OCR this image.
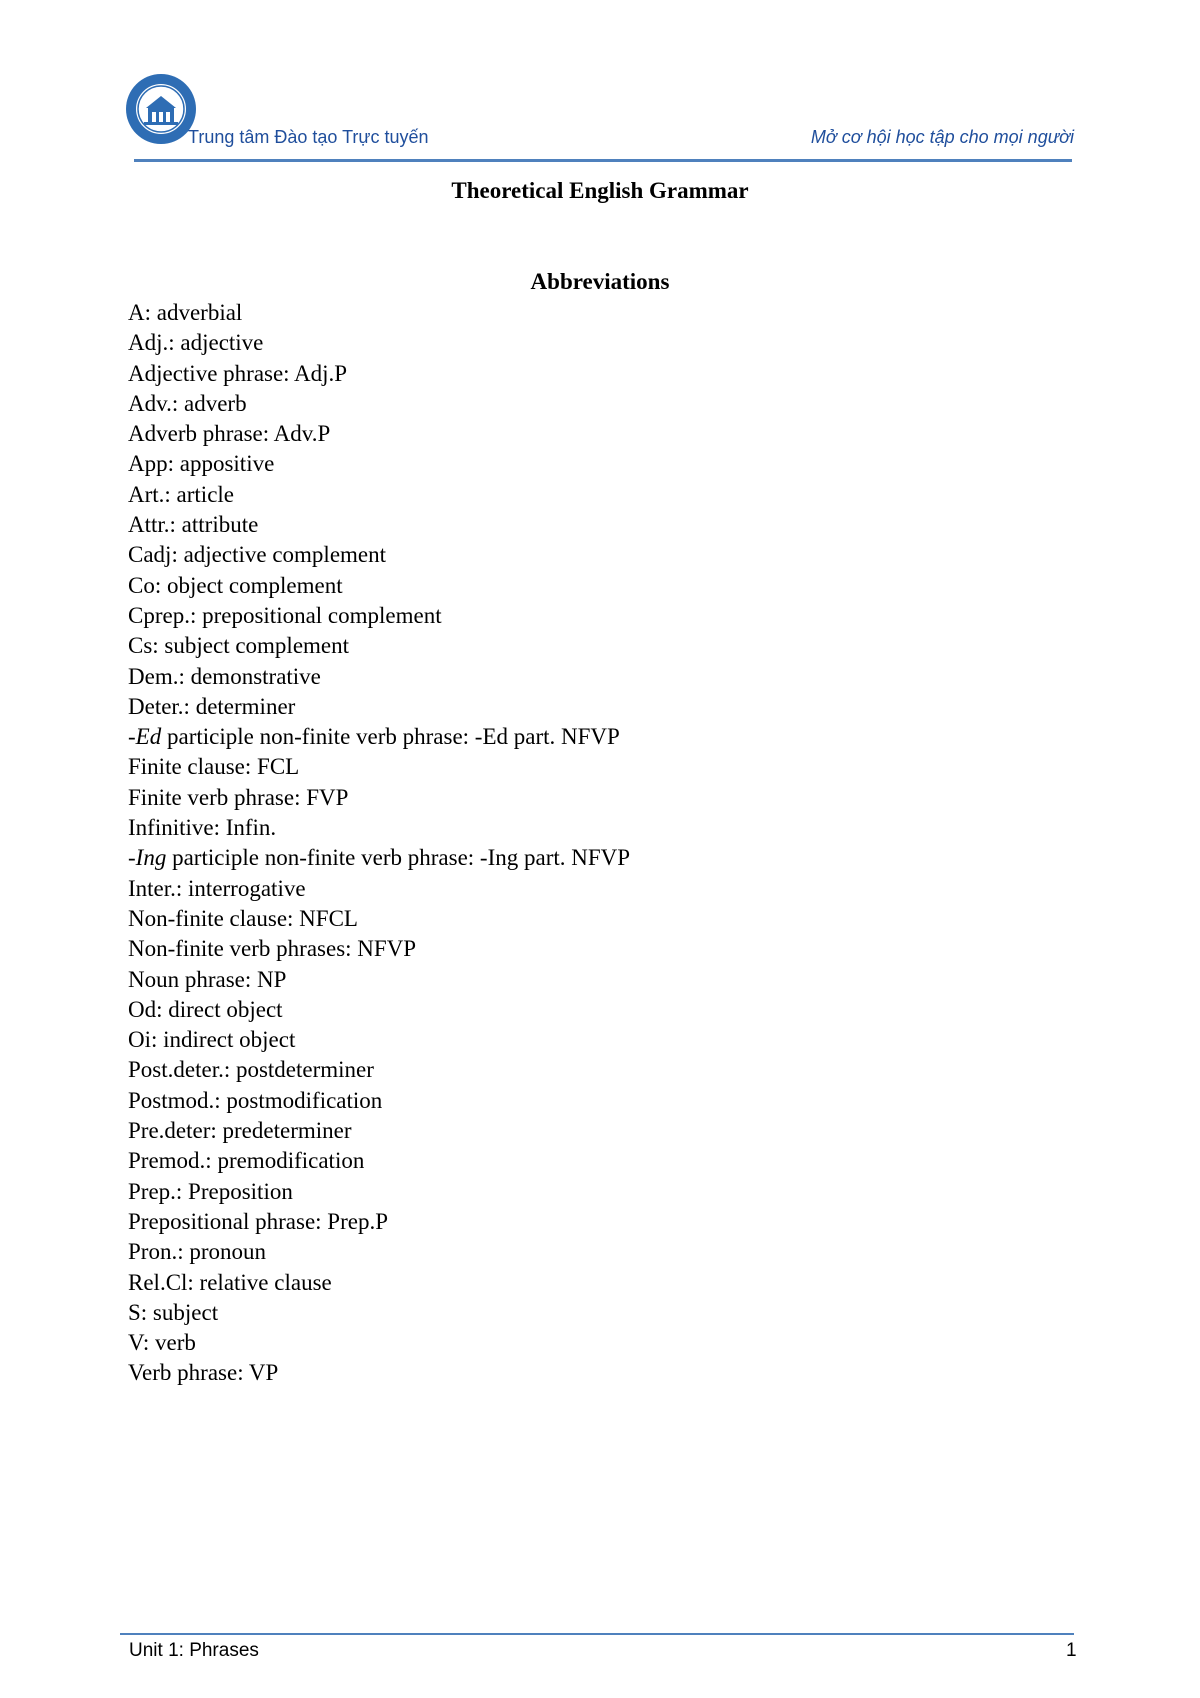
Trung tâm Đào tạo Trực tuyến	Mở cơ hội học tập cho mọi người
Theoretical English Grammar
Abbreviations
A: adverbial
Adj.: adjective
Adjective phrase: Adj.P
Adv.: adverb
Adverb phrase: Adv.P
App: appositive
Art.: article
Attr.: attribute
Cadj: adjective complement
Co: object complement
Cprep.: prepositional complement
Cs: subject complement
Dem.: demonstrative
Deter.: determiner
-Ed participle non-finite verb phrase: -Ed part. NFVP
Finite clause: FCL
Finite verb phrase: FVP
Infinitive: Infin.
-Ing participle non-finite verb phrase: -Ing part. NFVP
Inter.: interrogative
Non-finite clause: NFCL
Non-finite verb phrases: NFVP
Noun phrase: NP
Od: direct object
Oi: indirect object
Post.deter.: postdeterminer
Postmod.: postmodification
Pre.deter: predeterminer
Premod.: premodification
Prep.: Preposition
Prepositional phrase: Prep.P
Pron.: pronoun
Rel.Cl: relative clause
S: subject
V: verb
Verb phrase: VP
Unit 1: Phrases	1
